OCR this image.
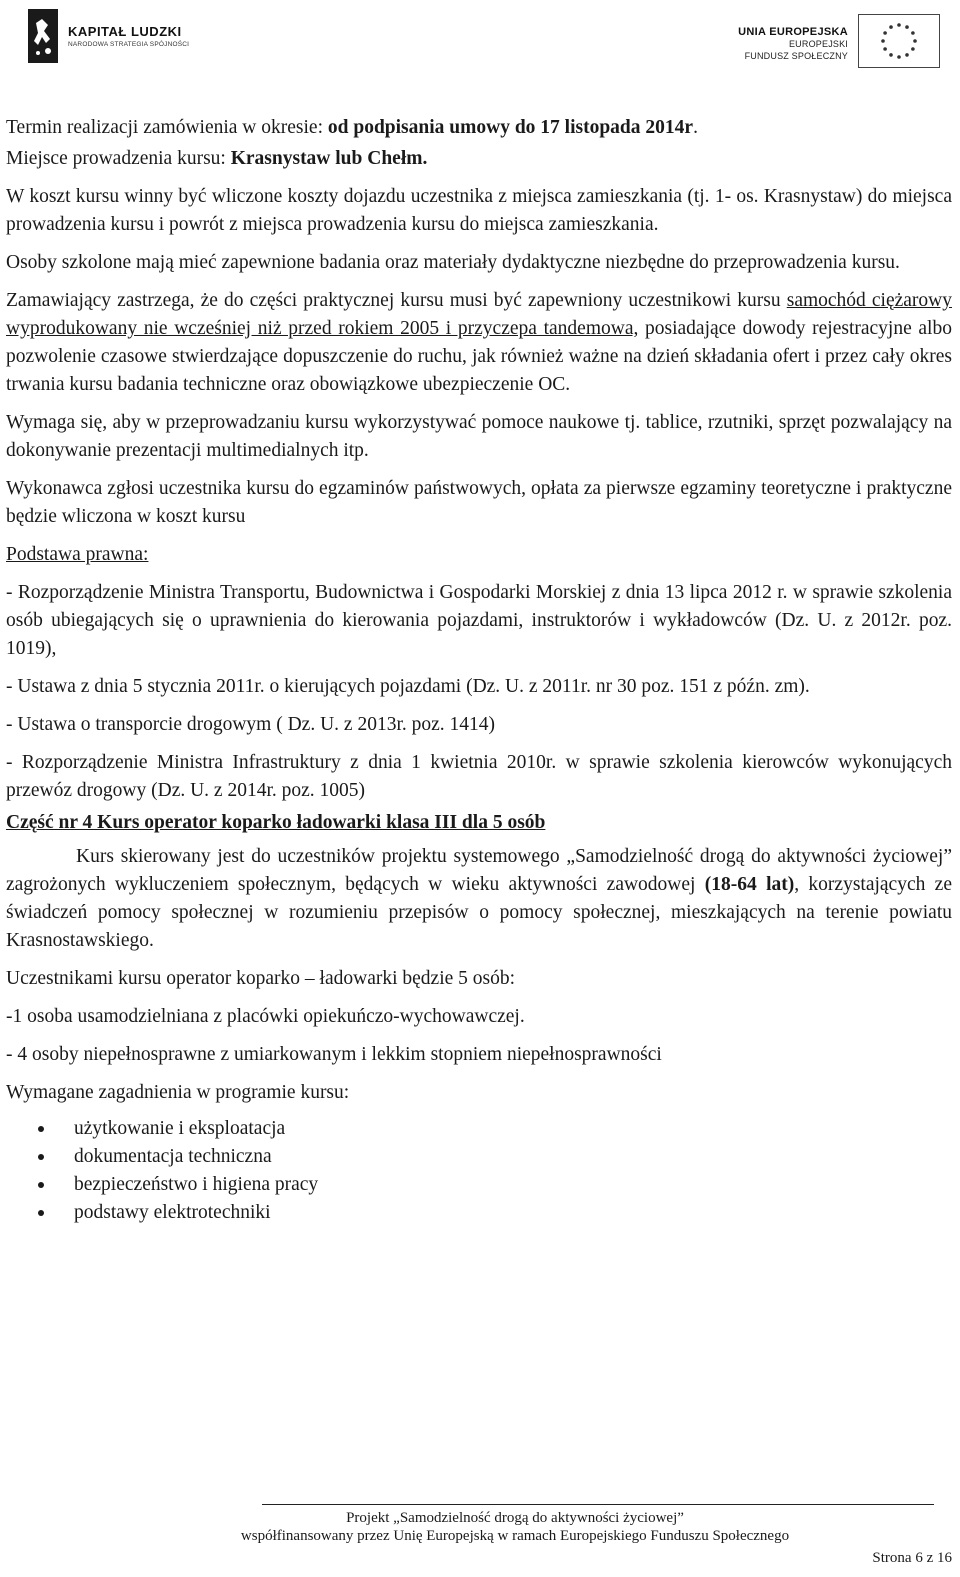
KAPITAŁ LUDZKI
NARODOWA STRATEGIA SPÓJNOŚCI
UNIA EUROPEJSKA
EUROPEJSKI
FUNDUSZ SPOŁECZNY

Termin realizacji zamówienia w okresie: od podpisania umowy do 17 listopada 2014r.

Miejsce prowadzenia kursu: Krasnystaw lub Chełm.

W koszt kursu winny być wliczone koszty dojazdu uczestnika z miejsca zamieszkania (tj. 1- os. Krasnystaw) do miejsca prowadzenia kursu i powrót z miejsca prowadzenia kursu do miejsca zamieszkania.

Osoby szkolone mają mieć zapewnione badania oraz materiały dydaktyczne niezbędne do przeprowadzenia kursu.

Zamawiający zastrzega, że do części praktycznej kursu musi być zapewniony uczestnikowi kursu samochód ciężarowy wyprodukowany nie wcześniej niż przed rokiem 2005 i przyczepa tandemowa, posiadające dowody rejestracyjne albo pozwolenie czasowe stwierdzające dopuszczenie do ruchu, jak również ważne na dzień składania ofert i przez cały okres trwania kursu badania techniczne oraz obowiązkowe ubezpieczenie OC.

Wymaga się, aby w przeprowadzaniu kursu wykorzystywać pomoce naukowe tj. tablice, rzutniki, sprzęt pozwalający na dokonywanie prezentacji multimedialnych itp.

Wykonawca zgłosi uczestnika kursu do egzaminów państwowych, opłata za pierwsze egzaminy teoretyczne i praktyczne będzie wliczona w koszt kursu

Podstawa prawna:

- Rozporządzenie Ministra Transportu, Budownictwa i Gospodarki Morskiej z dnia 13 lipca 2012 r. w sprawie szkolenia osób ubiegających się o uprawnienia do kierowania pojazdami, instruktorów i wykładowców (Dz. U. z 2012r. poz. 1019),

- Ustawa z dnia 5 stycznia 2011r. o kierujących pojazdami (Dz. U. z 2011r. nr 30 poz. 151 z późn. zm).

- Ustawa o transporcie drogowym ( Dz. U. z 2013r. poz. 1414)

- Rozporządzenie Ministra Infrastruktury z dnia 1 kwietnia 2010r. w sprawie szkolenia kierowców wykonujących przewóz drogowy (Dz. U. z 2014r. poz. 1005)

Część nr 4 Kurs operator koparko ładowarki klasa III dla 5 osób

Kurs skierowany jest do uczestników projektu systemowego „Samodzielność drogą do aktywności życiowej” zagrożonych wykluczeniem społecznym, będących w wieku aktywności zawodowej (18-64 lat), korzystających ze świadczeń pomocy społecznej w rozumieniu przepisów o pomocy społecznej, mieszkających na terenie powiatu Krasnostawskiego.

Uczestnikami kursu operator koparko – ładowarki będzie 5 osób:

-1 osoba usamodzielniana z placówki opiekuńczo-wychowawczej.

- 4 osoby niepełnosprawne z umiarkowanym i lekkim stopniem niepełnosprawności

Wymagane zagadnienia w programie kursu:

użytkowanie i eksploatacja
dokumentacja techniczna
bezpieczeństwo i higiena pracy
podstawy elektrotechniki
Projekt „Samodzielność drogą do aktywności życiowej”
współfinansowany przez Unię Europejską w ramach Europejskiego Funduszu Społecznego
Strona 6 z 16
